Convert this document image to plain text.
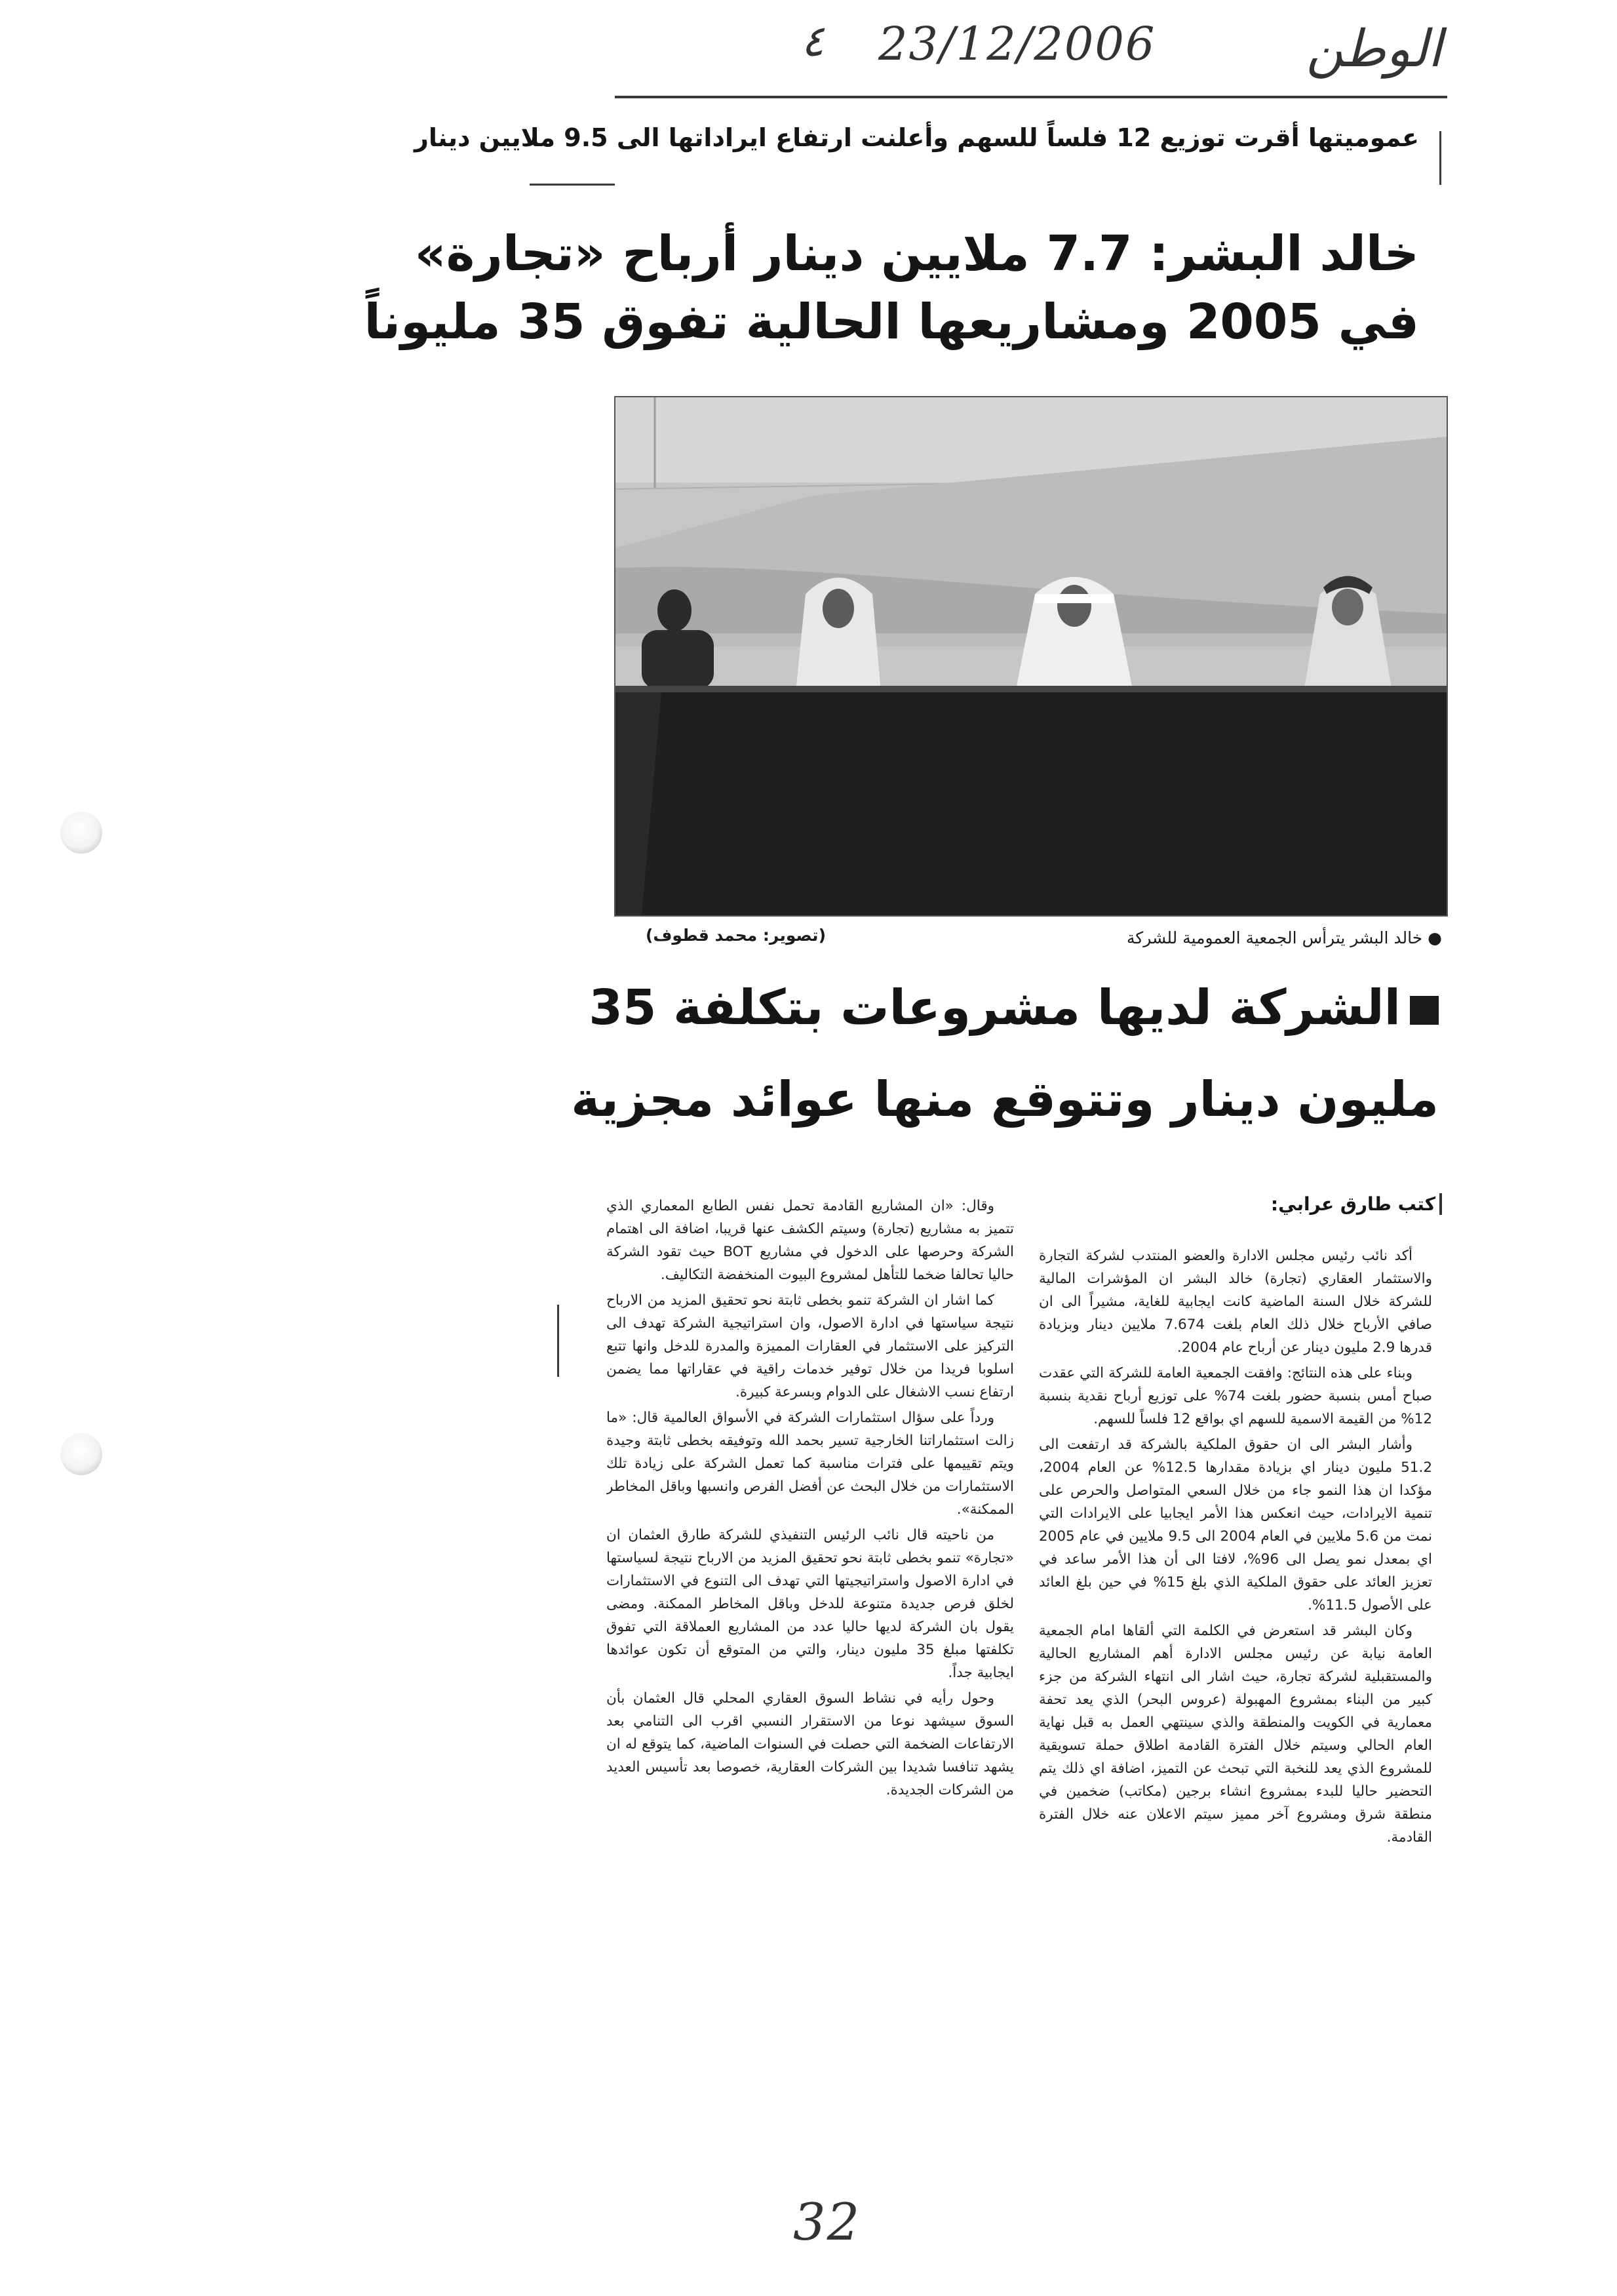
٤ 23/12/2006	الوطن
32
عموميتها أقرت توزيع 12 فلساً للسهم وأعلنت ارتفاع ايراداتها الى 9.5 ملايين دينار
خالد البشر: 7.7 ملايين دينار أرباح «تجارة»
في 2005 ومشاريعها الحالية تفوق 35 مليوناً
● خالد البشر يترأس الجمعية العمومية للشركة
(تصوير: محمد قطوف)
الشركة لديها مشروعات بتكلفة 35
مليون دينار وتتوقع منها عوائد مجزية
كتب طارق عرابي:

أكد نائب رئيس مجلس الادارة والعضو المنتدب لشركة التجارة والاستثمار العقاري (تجارة) خالد البشر ان المؤشرات المالية للشركة خلال السنة الماضية كانت ايجابية للغاية، مشيراً الى ان صافي الأرباح خلال ذلك العام بلغت 7.674 ملايين دينار وبزيادة قدرها 2.9 مليون دينار عن أرباح عام 2004.

وبناء على هذه النتائج: وافقت الجمعية العامة للشركة التي عقدت صباح أمس بنسبة حضور بلغت 74% على توزيع أرباح نقدية بنسبة 12% من القيمة الاسمية للسهم اي بواقع 12 فلساً للسهم.

وأشار البشر الى ان حقوق الملكية بالشركة قد ارتفعت الى 51.2 مليون دينار اي بزيادة مقدارها 12.5% عن العام 2004، مؤكدا ان هذا النمو جاء من خلال السعي المتواصل والحرص على تنمية الايرادات، حيث انعكس هذا الأمر ايجابيا على الايرادات التي نمت من 5.6 ملايين في العام 2004 الى 9.5 ملايين في عام 2005 اي بمعدل نمو يصل الى 96%، لافتا الى أن هذا الأمر ساعد في تعزيز العائد على حقوق الملكية الذي بلغ 15% في حين بلغ العائد على الأصول 11.5%.

وكان البشر قد استعرض في الكلمة التي ألقاها امام الجمعية العامة نيابة عن رئيس مجلس الادارة أهم المشاريع الحالية والمستقبلية لشركة تجارة، حيث اشار الى انتهاء الشركة من جزء كبير من البناء بمشروع المهبولة (عروس البحر) الذي يعد تحفة معمارية في الكويت والمنطقة والذي سينتهي العمل به قبل نهاية العام الحالي وسيتم خلال الفترة القادمة اطلاق حملة تسويقية للمشروع الذي يعد للنخبة التي تبحث عن التميز، اضافة اي ذلك يتم التحضير حاليا للبدء بمشروع انشاء برجين (مكاتب) ضخمين في منطقة شرق ومشروع آخر مميز سيتم الاعلان عنه خلال الفترة القادمة.

وقال: «ان المشاريع القادمة تحمل نفس الطابع المعماري الذي تتميز به مشاريع (تجارة) وسيتم الكشف عنها قريبا، اضافة الى اهتمام الشركة وحرصها على الدخول في مشاريع BOT حيث تقود الشركة حاليا تحالفا ضخما للتأهل لمشروع البيوت المنخفضة التكاليف.

كما اشار ان الشركة تنمو بخطى ثابتة نحو تحقيق المزيد من الارباح نتيجة سياستها في ادارة الاصول، وان استراتيجية الشركة تهدف الى التركيز على الاستثمار في العقارات المميزة والمدرة للدخل وانها تتبع اسلوبا فريدا من خلال توفير خدمات راقية في عقاراتها مما يضمن ارتفاع نسب الاشغال على الدوام وبسرعة كبيرة.

ورداً على سؤال استثمارات الشركة في الأسواق العالمية قال: «ما زالت استثماراتنا الخارجية تسير بحمد الله وتوفيقه بخطى ثابتة وجيدة ويتم تقييمها على فترات مناسبة كما تعمل الشركة على زيادة تلك الاستثمارات من خلال البحث عن أفضل الفرص وانسبها وباقل المخاطر الممكنة».

من ناحيته قال نائب الرئيس التنفيذي للشركة طارق العثمان ان «تجارة» تنمو بخطى ثابتة نحو تحقيق المزيد من الارباح نتيجة لسياستها في ادارة الاصول واستراتيجيتها التي تهدف الى التنوع في الاستثمارات لخلق فرص جديدة متنوعة للدخل وباقل المخاطر الممكنة. ومضى يقول بان الشركة لديها حاليا عدد من المشاريع العملاقة التي تفوق تكلفتها مبلغ 35 مليون دينار، والتي من المتوقع أن تكون عوائدها ايجابية جداً.

وحول رأيه في نشاط السوق العقاري المحلي قال العثمان بأن السوق سيشهد نوعا من الاستقرار النسبي اقرب الى التنامي بعد الارتفاعات الضخمة التي حصلت في السنوات الماضية، كما يتوقع له ان يشهد تنافسا شديدا بين الشركات العقارية، خصوصا بعد تأسيس العديد من الشركات الجديدة.
